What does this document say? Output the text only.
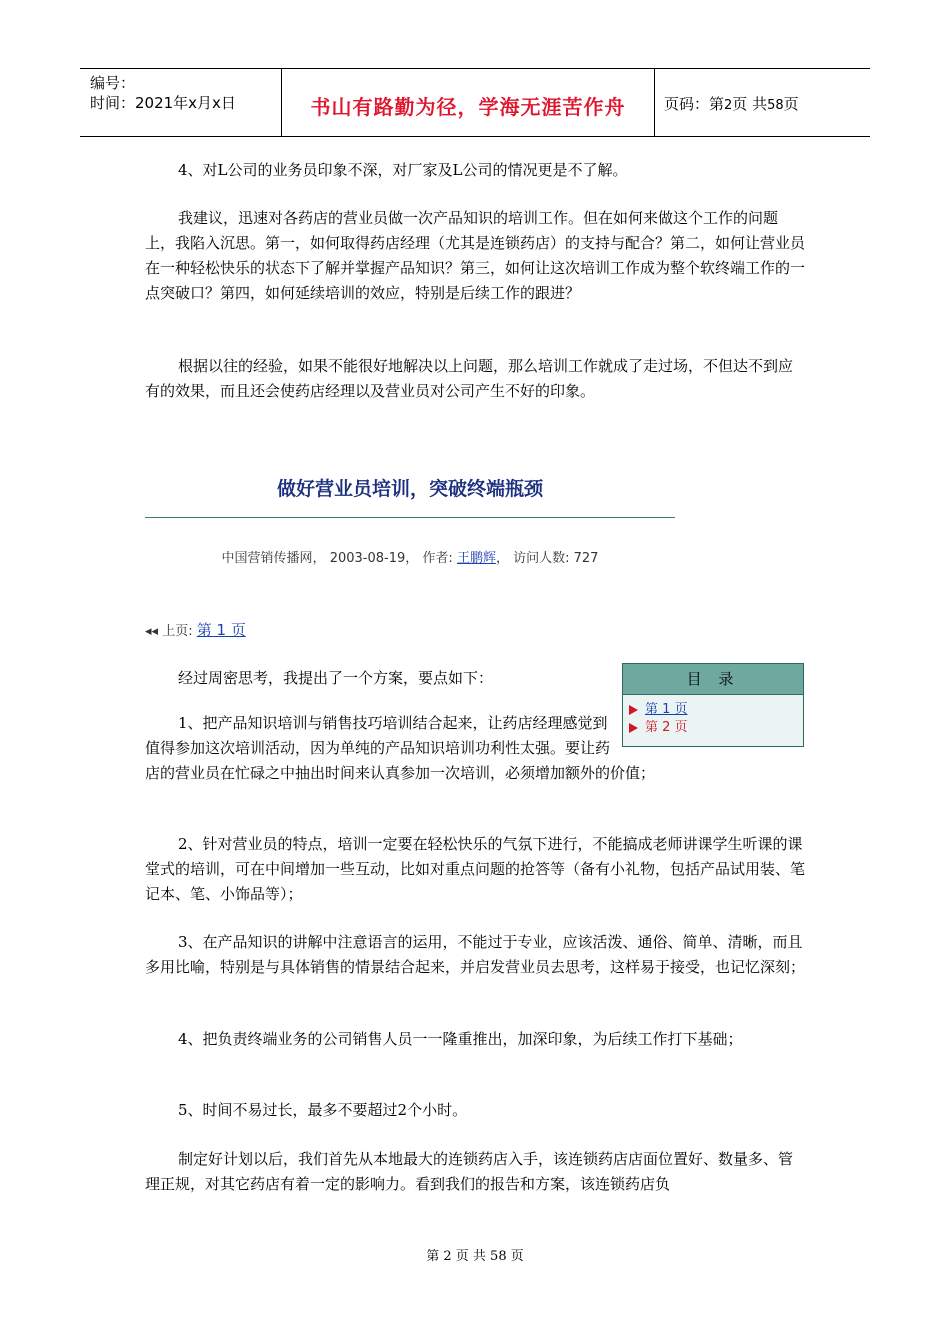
编号：
时间：2021年x月x日	书山有路勤为径，学海无涯苦作舟	页码：第2页 共58页

4、对L公司的业务员印象不深，对厂家及L公司的情况更是不了解。

我建议，迅速对各药店的营业员做一次产品知识的培训工作。但在如何来做这个工作的问题上，我陷入沉思。第一，如何取得药店经理（尤其是连锁药店）的支持与配合？第二，如何让营业员在一种轻松快乐的状态下了解并掌握产品知识？第三，如何让这次培训工作成为整个软终端工作的一点突破口？第四，如何延续培训的效应，特别是后续工作的跟进？

根据以往的经验，如果不能很好地解决以上问题，那么培训工作就成了走过场，不但达不到应有的效果，而且还会使药店经理以及营业员对公司产生不好的印象。

做好营业员培训，突破终端瓶颈
中国营销传播网， 2003-08-19， 作者: 王鹏辉， 访问人数: 727
◂◂ 上页: 第 1 页
目 录
第 1 页
第 2 页

经过周密思考，我提出了一个方案，要点如下：

1、把产品知识培训与销售技巧培训结合起来，让药店经理感觉到值得参加这次培训活动，因为单纯的产品知识培训功利性太强。要让药店的营业员在忙碌之中抽出时间来认真参加一次培训，必须增加额外的价值；

2、针对营业员的特点，培训一定要在轻松快乐的气氛下进行，不能搞成老师讲课学生听课的课堂式的培训，可在中间增加一些互动，比如对重点问题的抢答等（备有小礼物，包括产品试用装、笔记本、笔、小饰品等）；

3、在产品知识的讲解中注意语言的运用，不能过于专业，应该活泼、通俗、简单、清晰，而且多用比喻，特别是与具体销售的情景结合起来，并启发营业员去思考，这样易于接受，也记忆深刻；

4、把负责终端业务的公司销售人员一一隆重推出，加深印象，为后续工作打下基础；

5、时间不易过长，最多不要超过2个小时。

制定好计划以后，我们首先从本地最大的连锁药店入手，该连锁药店店面位置好、数量多、管理正规，对其它药店有着一定的影响力。看到我们的报告和方案，该连锁药店负

第 2 页 共 58 页
